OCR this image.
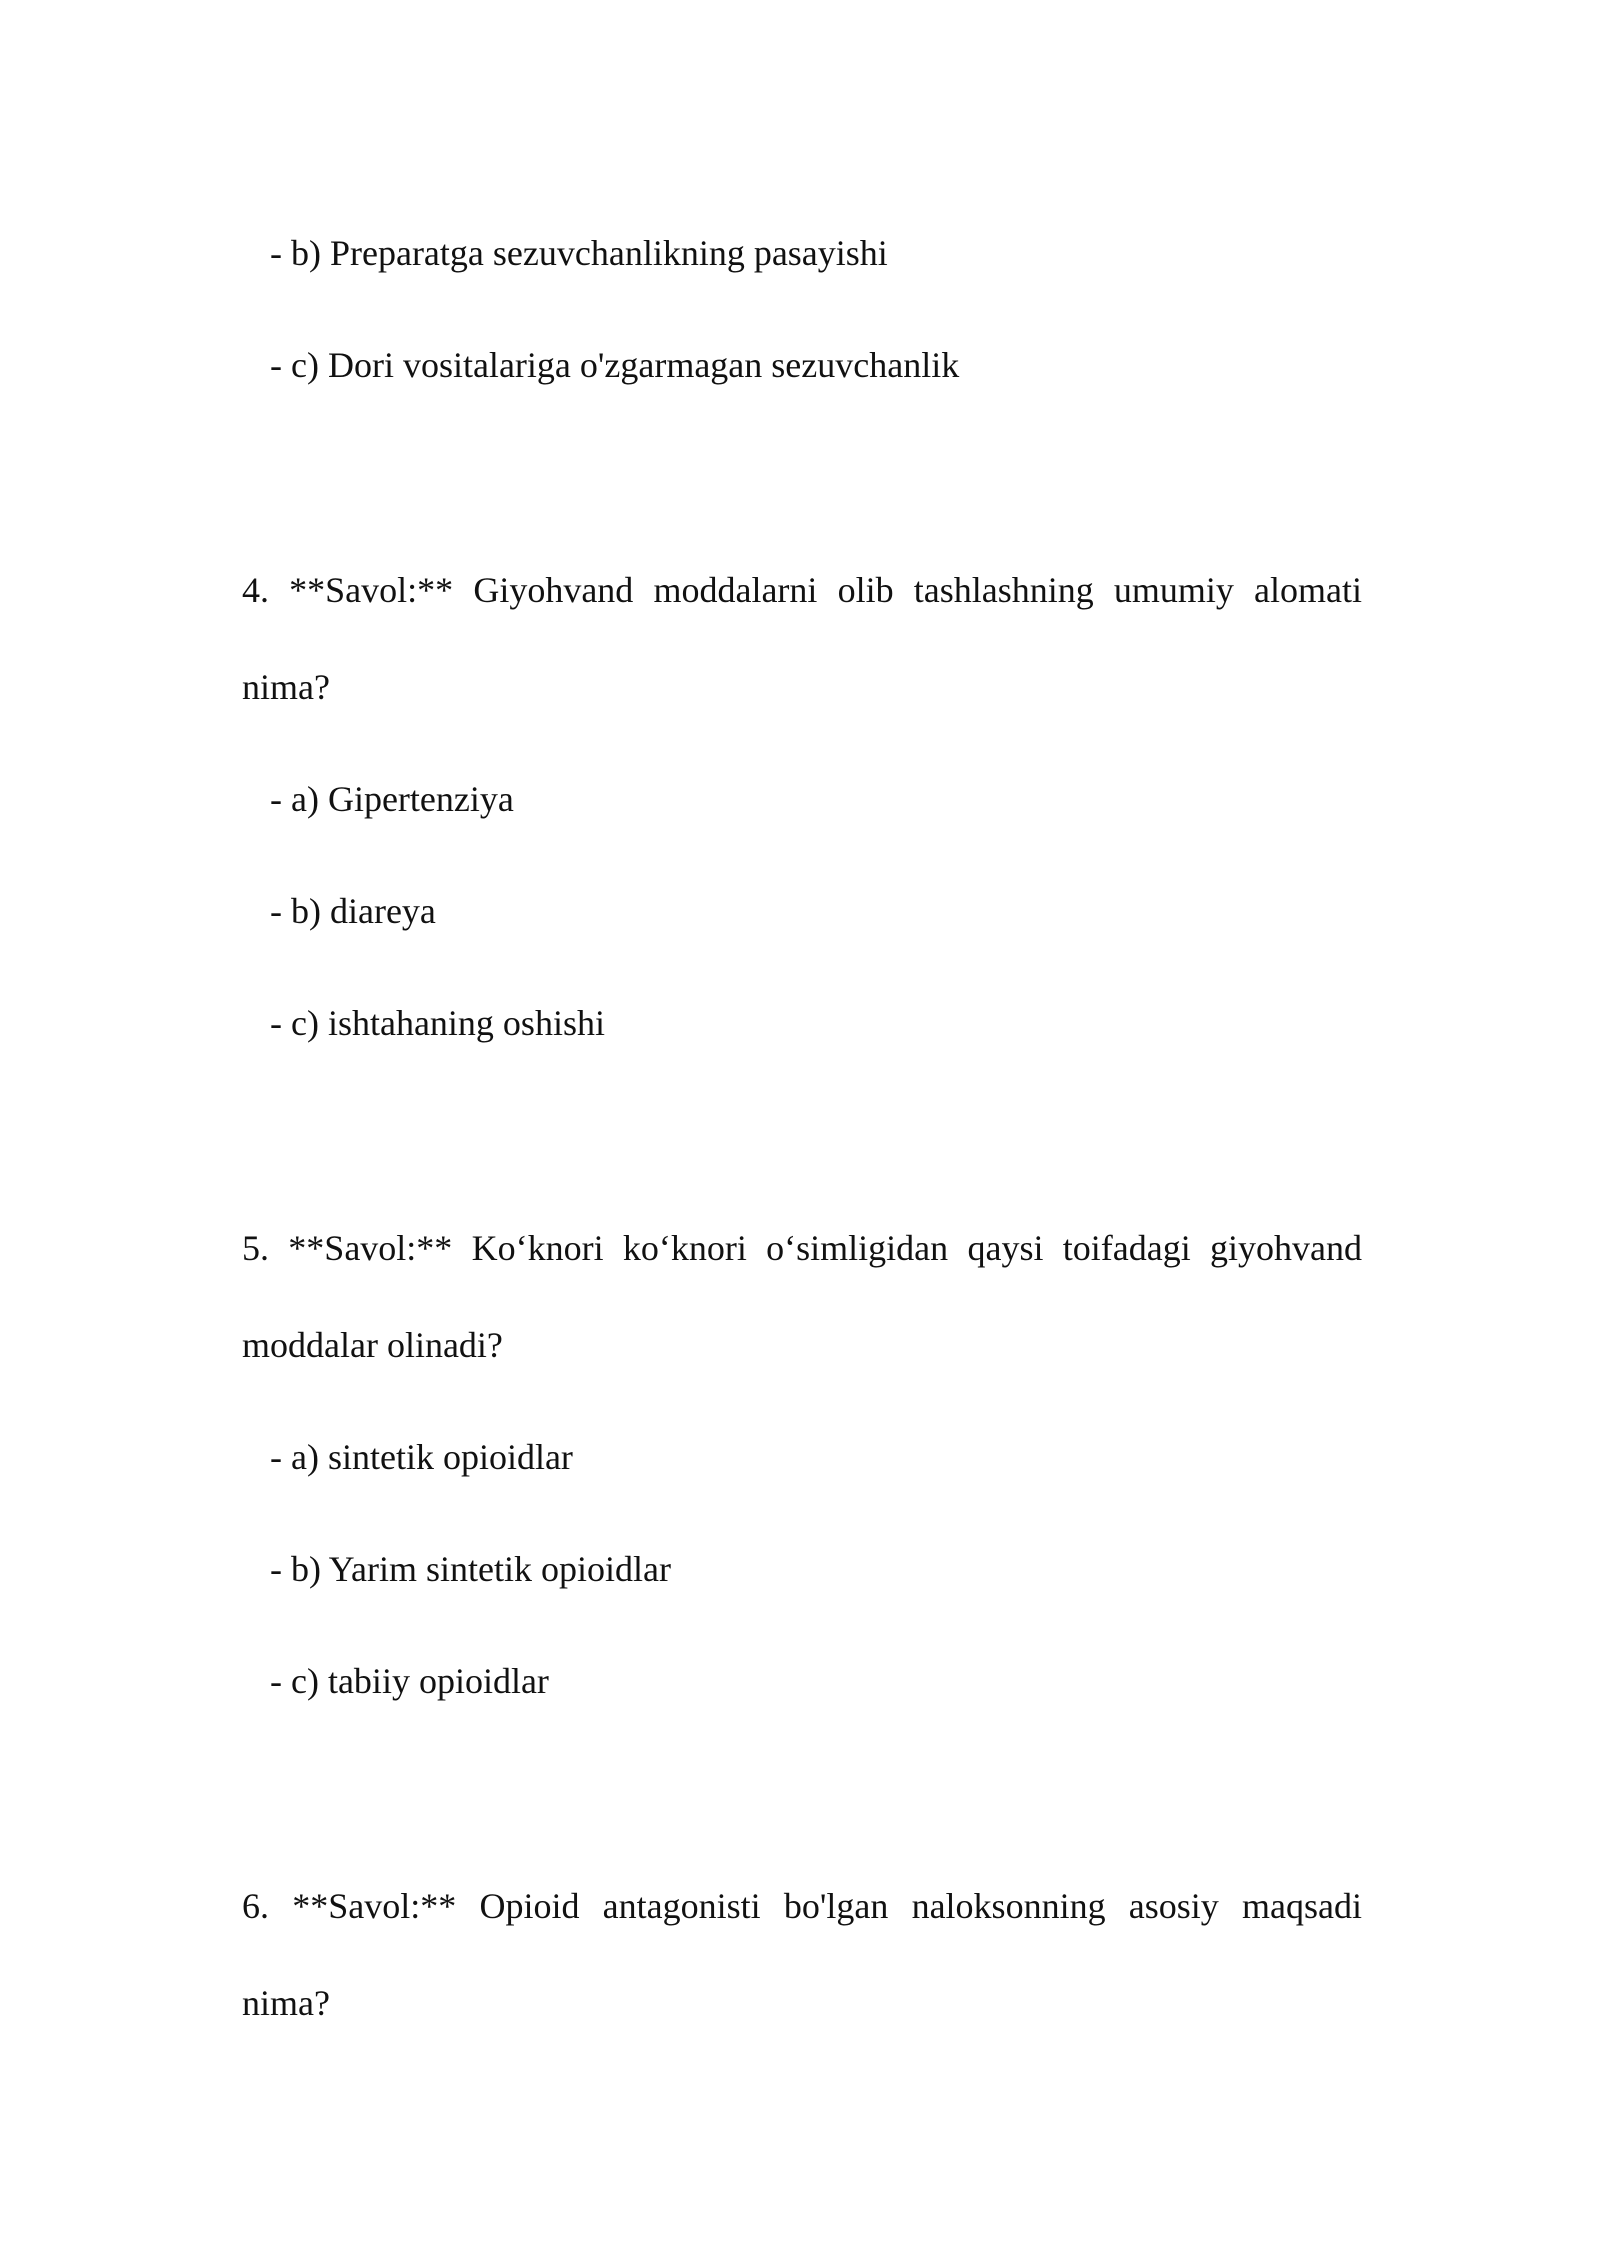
- b) Preparatga sezuvchanlikning pasayishi
- c) Dori vositalariga o'zgarmagan sezuvchanlik
4. **Savol:** Giyohvand moddalarni olib tashlashning umumiy alomati
nima?
- a) Gipertenziya
- b) diareya
- c) ishtahaning oshishi
5. **Savol:** Ko‘knori ko‘knori o‘simligidan qaysi toifadagi giyohvand
moddalar olinadi?
- a) sintetik opioidlar
- b) Yarim sintetik opioidlar
- c) tabiiy opioidlar
6. **Savol:** Opioid antagonisti bo'lgan naloksonning asosiy maqsadi
nima?
